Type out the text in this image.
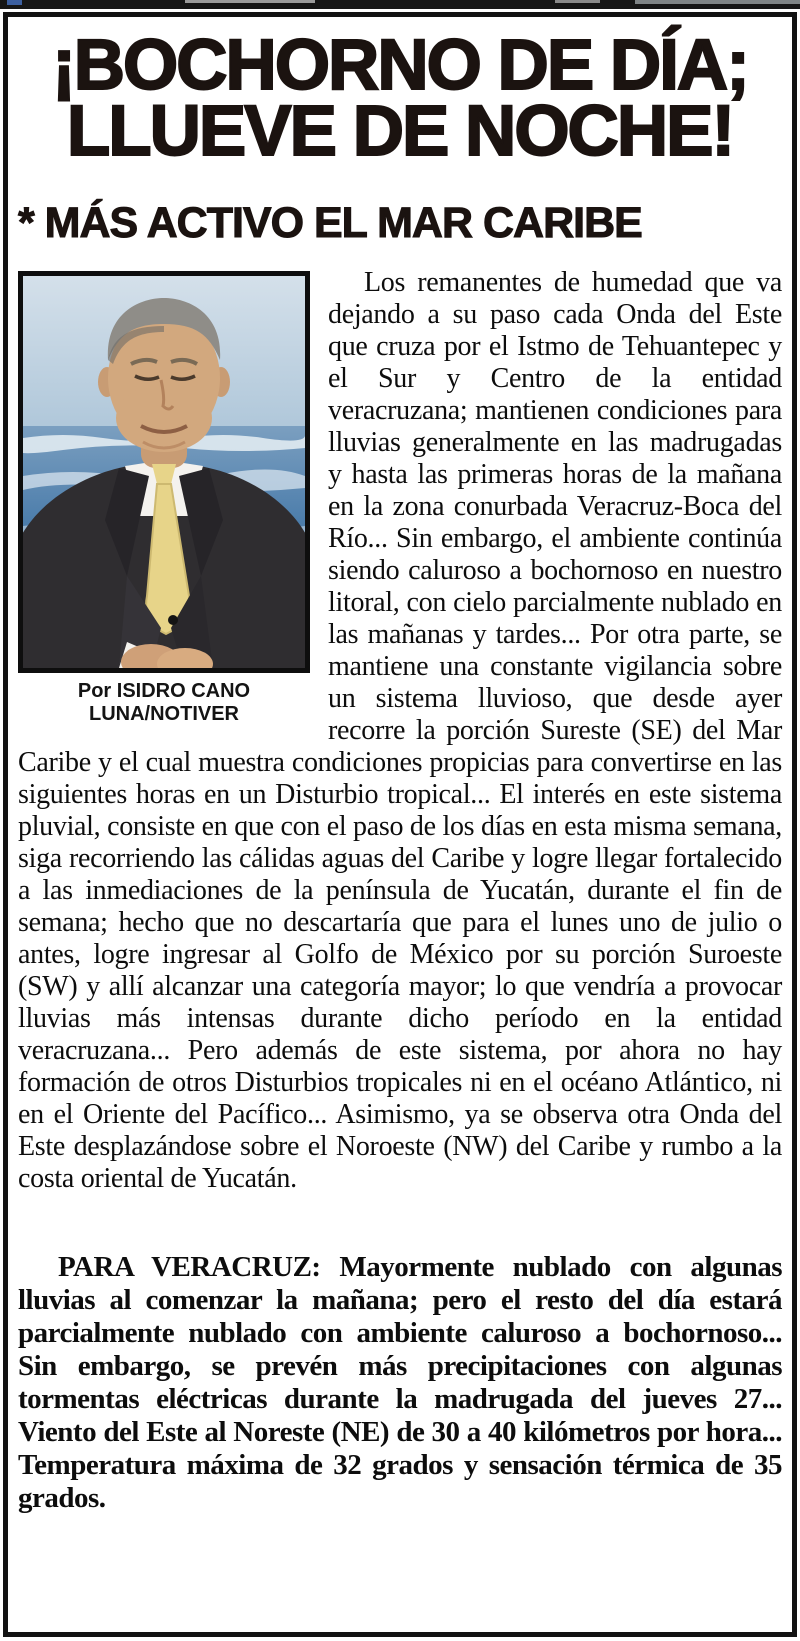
¡BOCHORNO DE DÍA;
LLUEVE DE NOCHE!
* MÁS ACTIVO EL MAR CARIBE
Por ISIDRO CANO
LUNA/NOTIVER

Los remanentes de humedad que va dejando a su paso cada Onda del Este que cruza por el Istmo de Tehuantepec y el Sur y Centro de la entidad veracruzana; mantienen condiciones para lluvias generalmente en las madrugadas y hasta las primeras horas de la mañana en la zona conurbada Veracruz-Boca del Río... Sin embargo, el ambiente continúa siendo caluroso a bochornoso en nuestro litoral, con cielo parcialmente nublado en las mañanas y tardes... Por otra parte, se mantiene una constante vigilancia sobre un sistema lluvioso, que desde ayer recorre la porción Sureste (SE) del Mar Caribe y el cual muestra condiciones propicias para convertirse en las siguientes horas en un Disturbio tropical... El interés en este sistema pluvial, consiste en que con el paso de los días en esta misma semana, siga recorriendo las cálidas aguas del Caribe y logre llegar fortalecido a las inmediaciones de la península de Yucatán, durante el fin de semana; hecho que no descartaría que para el lunes uno de julio o antes, logre ingresar al Golfo de México por su porción Suroeste (SW) y allí alcanzar una categoría mayor; lo que vendría a provocar lluvias más intensas durante dicho período en la entidad veracruzana... Pero además de este sistema, por ahora no hay formación de otros Disturbios tropicales ni en el océano Atlántico, ni en el Oriente del Pacífico... Asimismo, ya se observa otra Onda del Este desplazándose sobre el Noroeste (NW) del Caribe y rumbo a la costa oriental de Yucatán.

PARA VERACRUZ: Mayormente nublado con algunas lluvias al comenzar la mañana; pero el resto del día estará parcialmente nublado con ambiente caluroso a bochornoso... Sin embargo, se prevén más precipitaciones con algunas tormentas eléctricas durante la madrugada del jueves 27... Viento del Este al Noreste (NE) de 30 a 40 kilómetros por hora... Temperatura máxima de 32 grados y sensación térmica de 35 grados.
